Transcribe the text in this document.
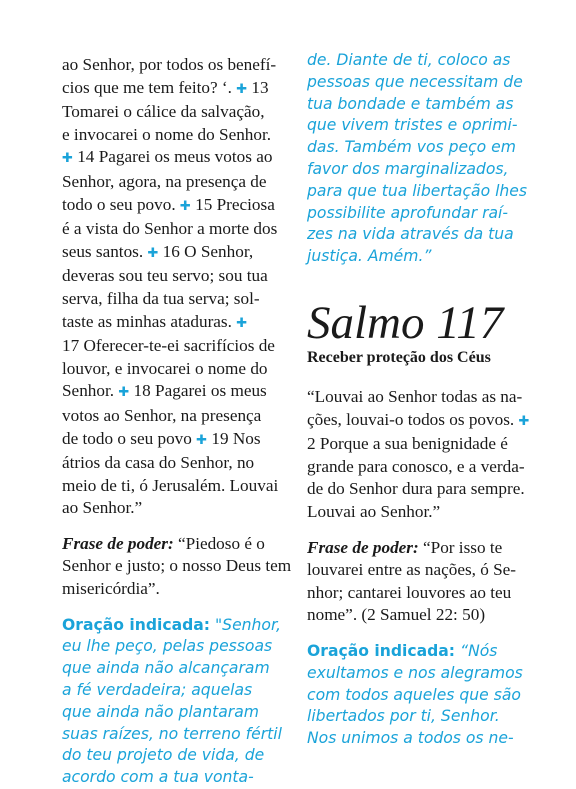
ao Senhor, por todos os benefí-
cios que me tem feito? ‘. ✚ 13
Tomarei o cálice da salvação,
e invocarei o nome do Senhor.
✚ 14 Pagarei os meus votos ao
Senhor, agora, na presença de
todo o seu povo. ✚ 15 Preciosa
é a vista do Senhor a morte dos
seus santos. ✚ 16 O Senhor,
deveras sou teu servo; sou tua
serva, filha da tua serva; sol-
taste as minhas ataduras. ✚
17 Oferecer-te-ei sacrifícios de
louvor, e invocarei o nome do
Senhor. ✚ 18 Pagarei os meus
votos ao Senhor, na presença
de todo o seu povo ✚ 19 Nos
átrios da casa do Senhor, no
meio de ti, ó Jerusalém. Louvai
ao Senhor.”
Frase de poder: “Piedoso é o
Senhor e justo; o nosso Deus tem
misericórdia”.
Oração indicada: "Senhor,
eu lhe peço, pelas pessoas
que ainda não alcançaram
a fé verdadeira; aquelas
que ainda não plantaram
suas raízes, no terreno fértil
do teu projeto de vida, de
acordo com a tua vonta-
de. Diante de ti, coloco as
pessoas que necessitam de
tua bondade e também as
que vivem tristes e oprimi-
das. Também vos peço em
favor dos marginalizados,
para que tua libertação lhes
possibilite aprofundar raí-
zes na vida através da tua
justiça. Amém.”
Salmo 117
Receber proteção dos Céus
“Louvai ao Senhor todas as na-
ções, louvai-o todos os povos. ✚
2 Porque a sua benignidade é
grande para conosco, e a verda-
de do Senhor dura para sempre.
Louvai ao Senhor.”
Frase de poder: “Por isso te
louvarei entre as nações, ó Se-
nhor; cantarei louvores ao teu
nome”. (2 Samuel 22: 50)
Oração indicada: “Nós
exultamos e nos alegramos
com todos aqueles que são
libertados por ti, Senhor.
Nos unimos a todos os ne-
